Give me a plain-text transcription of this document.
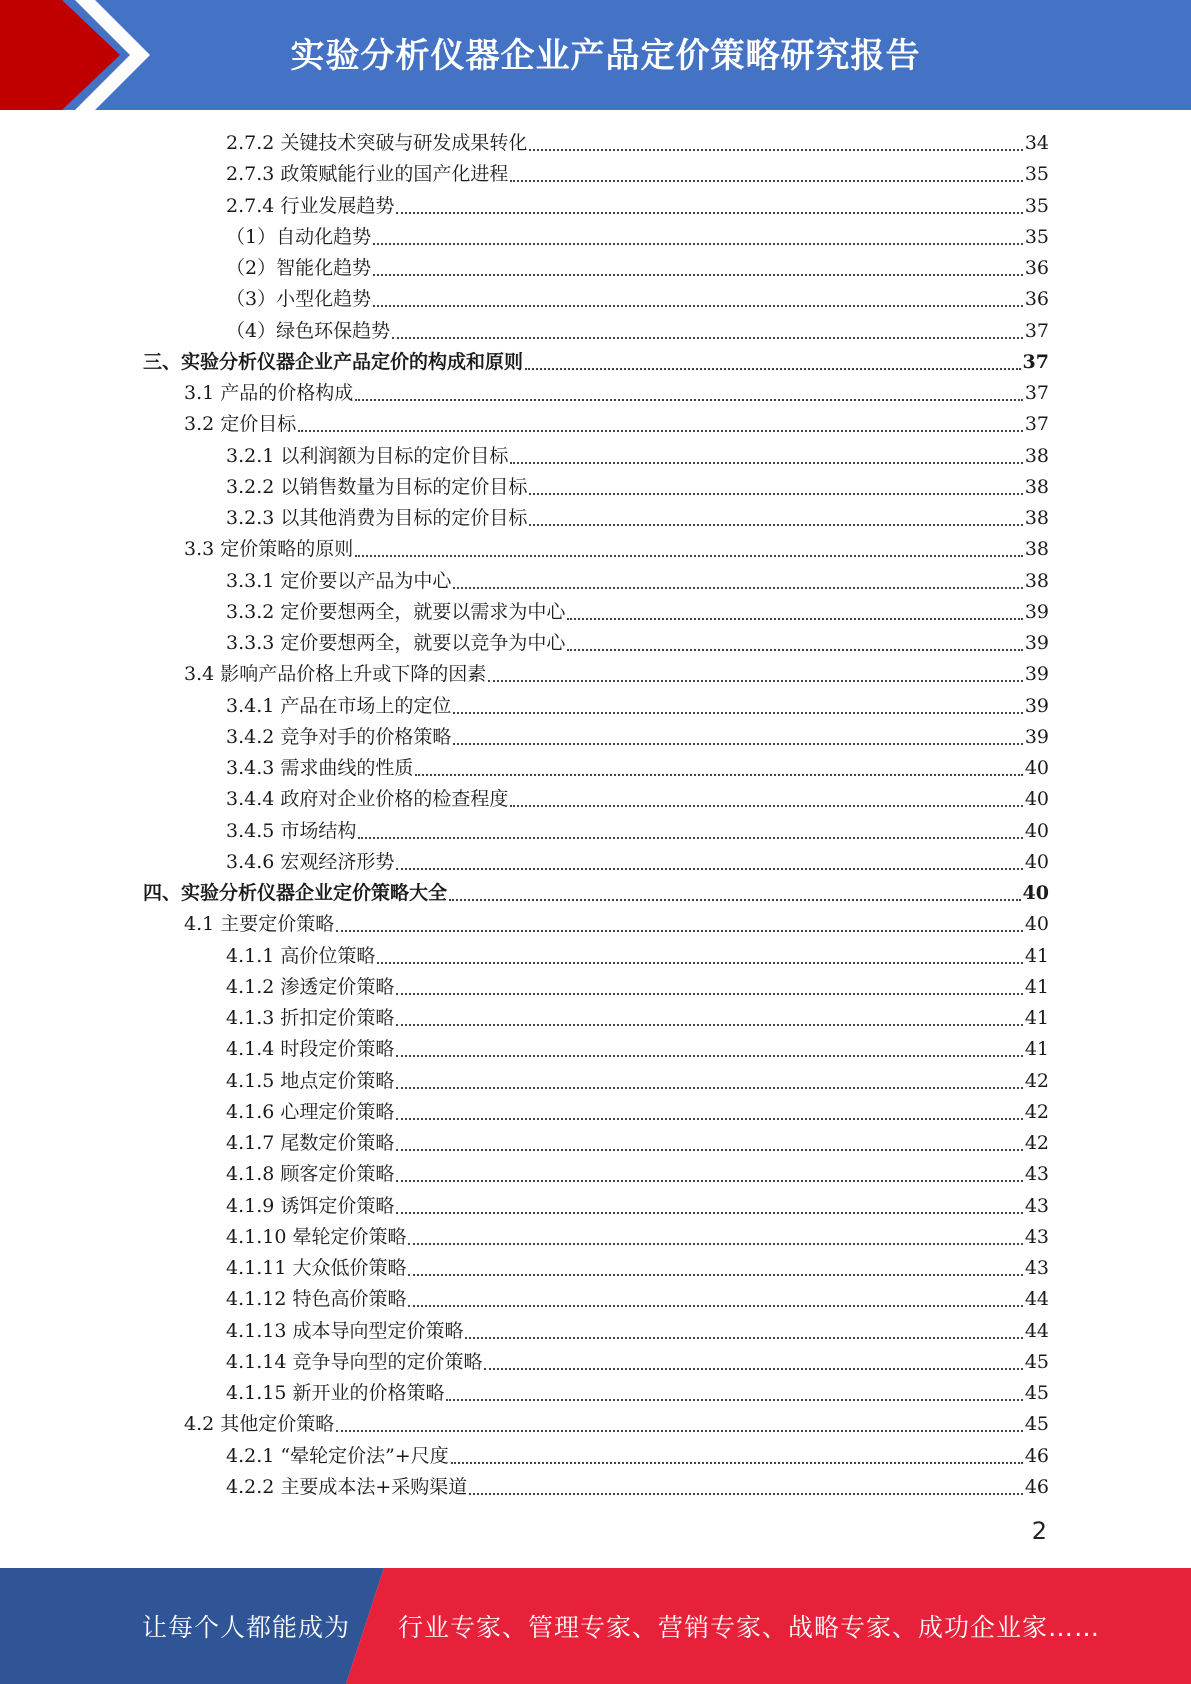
实验分析仪器企业产品定价策略研究报告
2.7.2 关键技术突破与研发成果转化	34
2.7.3 政策赋能行业的国产化进程	35
2.7.4 行业发展趋势	35
（1）自动化趋势	35
（2）智能化趋势	36
（3）小型化趋势	36
（4）绿色环保趋势	37
三、实验分析仪器企业产品定价的构成和原则	37
3.1 产品的价格构成	37
3.2 定价目标	37
3.2.1 以利润额为目标的定价目标	38
3.2.2 以销售数量为目标的定价目标	38
3.2.3 以其他消费为目标的定价目标	38
3.3 定价策略的原则	38
3.3.1 定价要以产品为中心	38
3.3.2 定价要想两全，就要以需求为中心	39
3.3.3 定价要想两全，就要以竞争为中心	39
3.4 影响产品价格上升或下降的因素	39
3.4.1 产品在市场上的定位	39
3.4.2 竞争对手的价格策略	39
3.4.3 需求曲线的性质	40
3.4.4 政府对企业价格的检查程度	40
3.4.5 市场结构	40
3.4.6 宏观经济形势	40
四、实验分析仪器企业定价策略大全	40
4.1 主要定价策略	40
4.1.1 高价位策略	41
4.1.2 渗透定价策略	41
4.1.3 折扣定价策略	41
4.1.4 时段定价策略	41
4.1.5 地点定价策略	42
4.1.6 心理定价策略	42
4.1.7 尾数定价策略	42
4.1.8 顾客定价策略	43
4.1.9 诱饵定价策略	43
4.1.10 晕轮定价策略	43
4.1.11 大众低价策略	43
4.1.12 特色高价策略	44
4.1.13 成本导向型定价策略	44
4.1.14 竞争导向型的定价策略	45
4.1.15 新开业的价格策略	45
4.2 其他定价策略	45
4.2.1 “晕轮定价法”+尺度	46
4.2.2 主要成本法+采购渠道	46
2
让每个人都能成为 行业专家、管理专家、营销专家、战略专家、成功企业家……
